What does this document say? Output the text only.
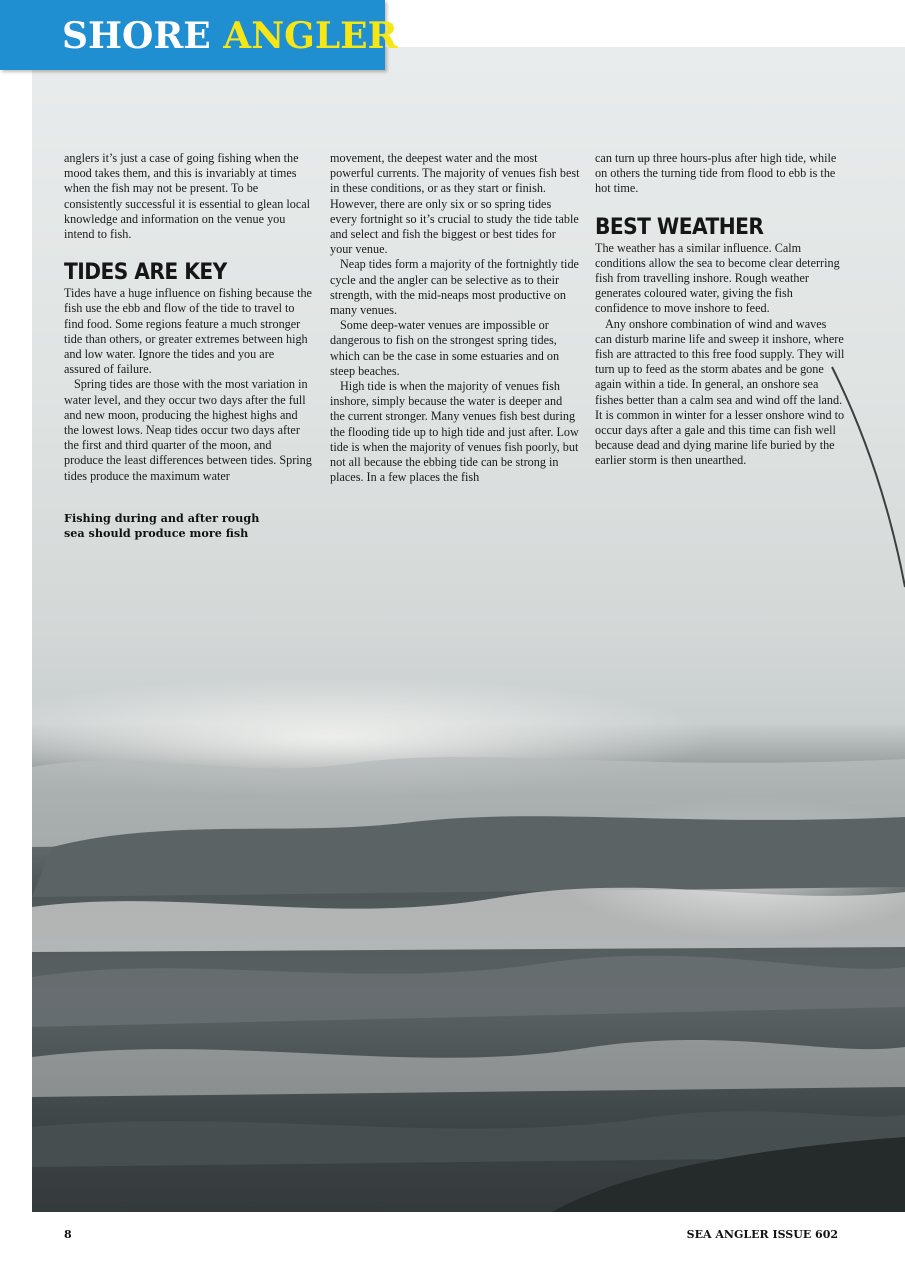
SHORE ANGLER

anglers it’s just a case of going fishing when the mood takes them, and this is invariably at times when the fish may not be present. To be consistently successful it is essential to glean local knowledge and information on the venue you intend to fish.

TIDES ARE KEY

Tides have a huge influence on fishing because the fish use the ebb and flow of the tide to travel to find food. Some regions feature a much stronger tide than others, or greater extremes between high and low water. Ignore the tides and you are assured of failure.

Spring tides are those with the most variation in water level, and they occur two days after the full and new moon, producing the highest highs and the lowest lows. Neap tides occur two days after the first and third quarter of the moon, and produce the least differences between tides. Spring tides produce the maximum water

movement, the deepest water and the most powerful currents. The majority of venues fish best in these conditions, or as they start or finish. However, there are only six or so spring tides every fortnight so it’s crucial to study the tide table and select and fish the biggest or best tides for your venue.

Neap tides form a majority of the fortnightly tide cycle and the angler can be selective as to their strength, with the mid-neaps most productive on many venues.

Some deep-water venues are impossible or dangerous to fish on the strongest spring tides, which can be the case in some estuaries and on steep beaches.

High tide is when the majority of venues fish inshore, simply because the water is deeper and the current stronger. Many venues fish best during the flooding tide up to high tide and just after. Low tide is when the majority of venues fish poorly, but not all because the ebbing tide can be strong in places. In a few places the fish

can turn up three hours-plus after high tide, while on others the turning tide from flood to ebb is the hot time.

BEST WEATHER

The weather has a similar influence. Calm conditions allow the sea to become clear deterring fish from travelling inshore. Rough weather generates coloured water, giving the fish confidence to move inshore to feed.

Any onshore combination of wind and waves can disturb marine life and sweep it inshore, where fish are attracted to this free food supply. They will turn up to feed as the storm abates and be gone again within a tide. In general, an onshore sea fishes better than a calm sea and wind off the land. It is common in winter for a lesser onshore wind to occur days after a gale and this time can fish well because dead and dying marine life buried by the earlier storm is then unearthed.

Fishing during and after rough sea should produce more fish
8	SEA ANGLER ISSUE 602
